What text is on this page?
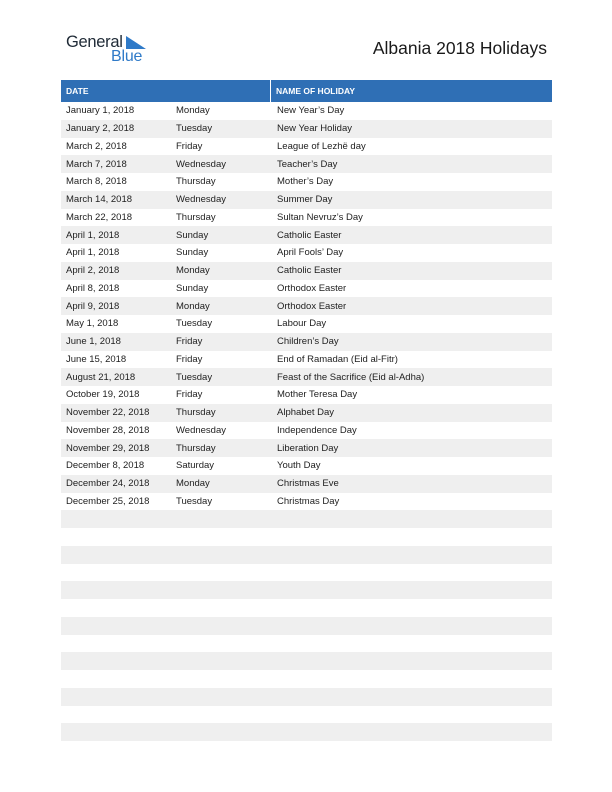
General
Blue	Albania 2018 Holidays
DATE	NAME OF HOLIDAY
January 1, 2018	Monday	New Year’s Day
January 2, 2018	Tuesday	New Year Holiday
March 2, 2018	Friday	League of Lezhë day
March 7, 2018	Wednesday	Teacher’s Day
March 8, 2018	Thursday	Mother’s Day
March 14, 2018	Wednesday	Summer Day
March 22, 2018	Thursday	Sultan Nevruz’s Day
April 1, 2018	Sunday	Catholic Easter
April 1, 2018	Sunday	April Fools’ Day
April 2, 2018	Monday	Catholic Easter
April 8, 2018	Sunday	Orthodox Easter
April 9, 2018	Monday	Orthodox Easter
May 1, 2018	Tuesday	Labour Day
June 1, 2018	Friday	Children’s Day
June 15, 2018	Friday	End of Ramadan (Eid al-Fitr)
August 21, 2018	Tuesday	Feast of the Sacrifice (Eid al-Adha)
October 19, 2018	Friday	Mother Teresa Day
November 22, 2018	Thursday	Alphabet Day
November 28, 2018	Wednesday	Independence Day
November 29, 2018	Thursday	Liberation Day
December 8, 2018	Saturday	Youth Day
December 24, 2018	Monday	Christmas Eve
December 25, 2018	Tuesday	Christmas Day
